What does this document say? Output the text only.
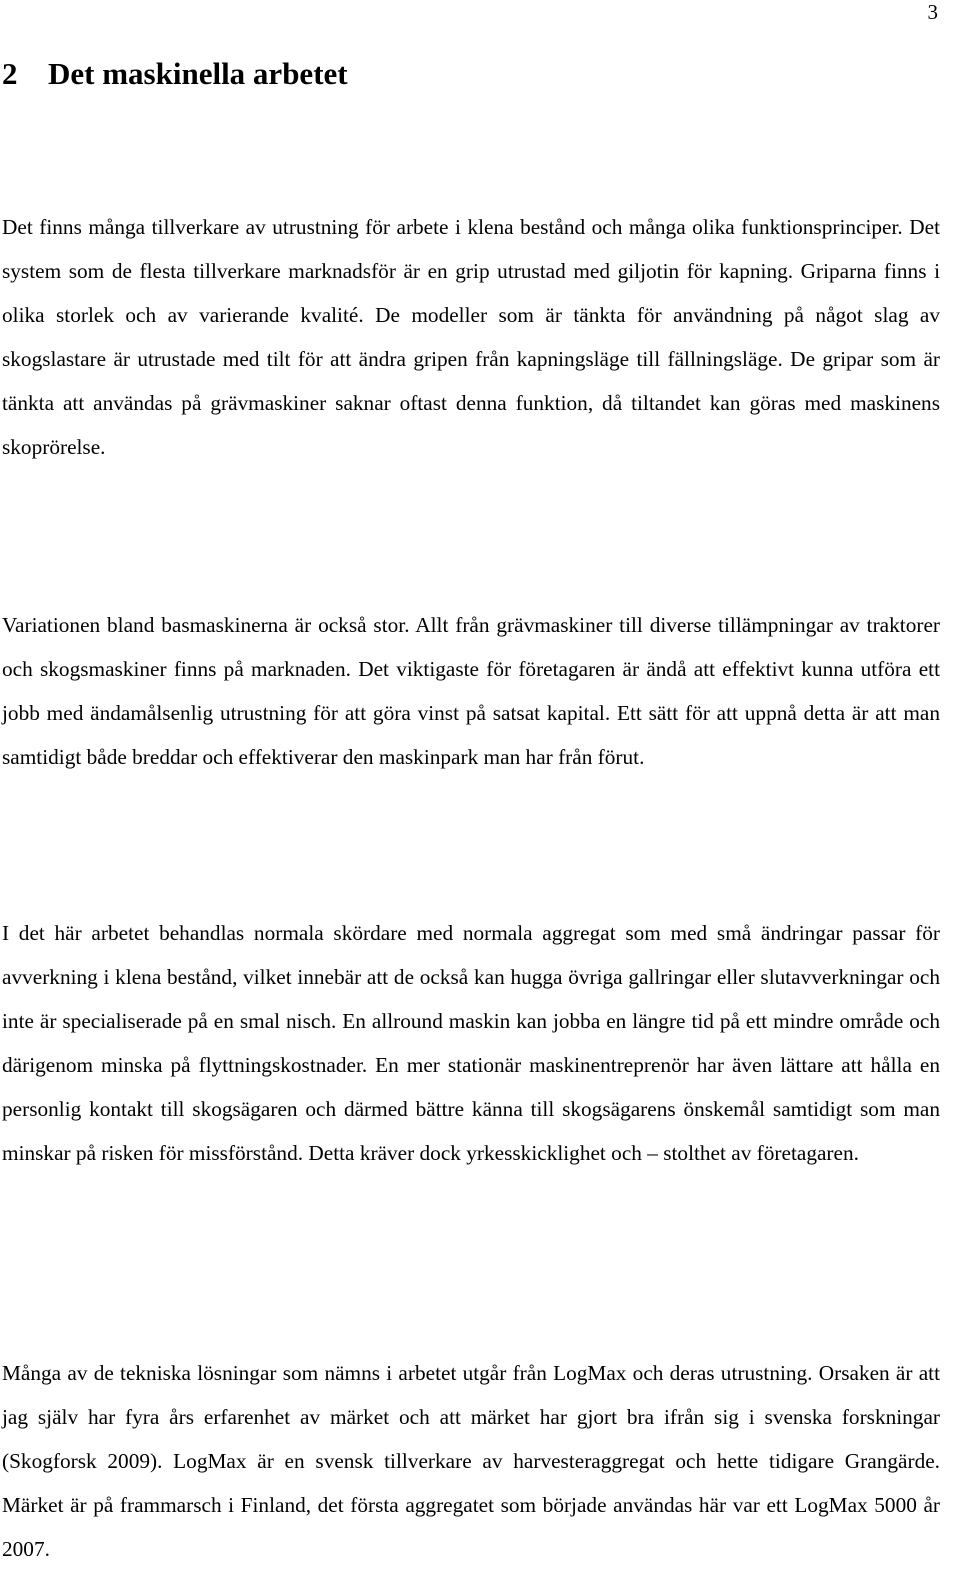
3
2 Det maskinella arbetet

Det finns många tillverkare av utrustning för arbete i klena bestånd och många olika funktionsprinciper. Det system som de flesta tillverkare marknadsför är en grip utrustad med giljotin för kapning. Griparna finns i olika storlek och av varierande kvalité. De modeller som är tänkta för användning på något slag av skogslastare är utrustade med tilt för att ändra gripen från kapningsläge till fällningsläge. De gripar som är tänkta att användas på grävmaskiner saknar oftast denna funktion, då tiltandet kan göras med maskinens skoprörelse.

Variationen bland basmaskinerna är också stor. Allt från grävmaskiner till diverse tillämpningar av traktorer och skogsmaskiner finns på marknaden. Det viktigaste för företagaren är ändå att effektivt kunna utföra ett jobb med ändamålsenlig utrustning för att göra vinst på satsat kapital. Ett sätt för att uppnå detta är att man samtidigt både breddar och effektiverar den maskinpark man har från förut.

I det här arbetet behandlas normala skördare med normala aggregat som med små ändringar passar för avverkning i klena bestånd, vilket innebär att de också kan hugga övriga gallringar eller slutavverkningar och inte är specialiserade på en smal nisch. En allround maskin kan jobba en längre tid på ett mindre område och därigenom minska på flyttningskostnader. En mer stationär maskinentreprenör har även lättare att hålla en personlig kontakt till skogsägaren och därmed bättre känna till skogsägarens önskemål samtidigt som man minskar på risken för missförstånd. Detta kräver dock yrkesskicklighet och – stolthet av företagaren.

Många av de tekniska lösningar som nämns i arbetet utgår från LogMax och deras utrustning. Orsaken är att jag själv har fyra års erfarenhet av märket och att märket har gjort bra ifrån sig i svenska forskningar (Skogforsk 2009). LogMax är en svensk tillverkare av harvesteraggregat och hette tidigare Grangärde. Märket är på frammarsch i Finland, det första aggregatet som började användas här var ett LogMax 5000 år 2007.
